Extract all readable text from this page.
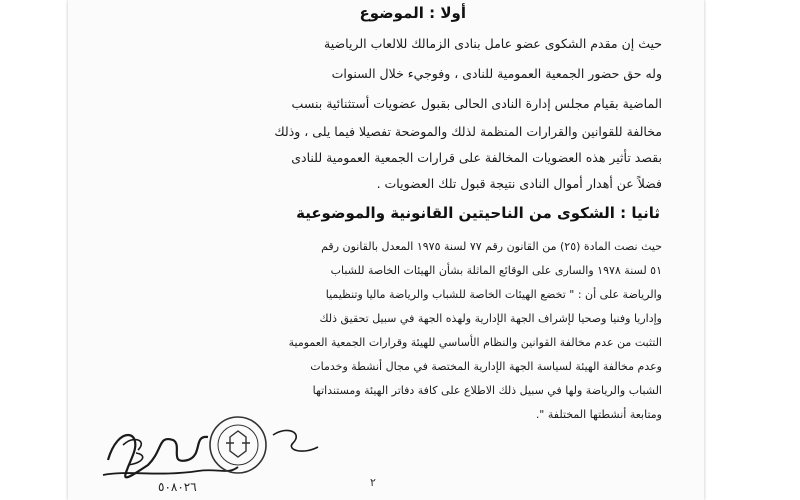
أولا : الموضوع
حيث إن مقدم الشكوى عضو عامل بنادى الزمالك للالعاب الرياضية
وله حق حضور الجمعية العمومية للنادى ، وفوجيء خلال السنوات
الماضية بقيام مجلس إدارة النادى الحالى بقبول عضويات أستثنائية بنسب
مخالفة للقوانين والقرارات المنظمة لذلك والموضحة تفصيلا فيما يلى ، وذلك
بقصد تأثير هذه العضويات المخالفة على قرارات الجمعية العمومية للنادى
فضلاً عن أهدار أموال النادى نتيجة قبول تلك العضويات .
ثانيا : الشكوى من الناحيتين القانونية والموضوعية
حيث نصت المادة (٢٥) من القانون رقم ٧٧ لسنة ١٩٧٥ المعدل بالقانون رقم
٥١ لسنة ١٩٧٨ والسارى على الوقائع الماثلة بشأن الهيئات الخاصة للشباب
والرياضة على أن : " تخضع الهيئات الخاصة للشباب والرياضة ماليا وتنظيميا
وإداريا وفنيا وصحيا لإشراف الجهة الإدارية ولهذه الجهة في سبيل تحقيق ذلك
التثبت من عدم مخالفة القوانين والنظام الأساسي للهيئة وقرارات الجمعية العمومية
وعدم مخالفة الهيئة لسياسة الجهة الإدارية المختصة في مجال أنشطة وخدمات
الشباب والرياضة ولها في سبيل ذلك الاطلاع على كافة دفاتر الهيئة ومستنداتها
ومتابعة أنشطتها المختلفة ".
٥٠٨٠٢٦	٢
